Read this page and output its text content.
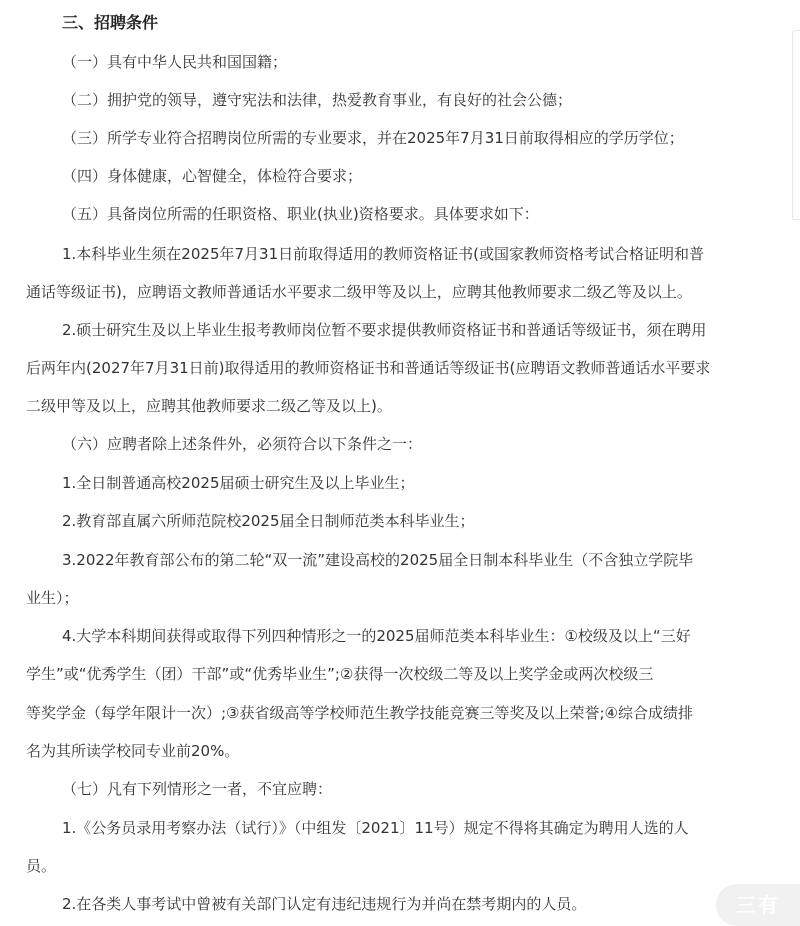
三、招聘条件
（一）具有中华人民共和国国籍；
（二）拥护党的领导，遵守宪法和法律，热爱教育事业，有良好的社会公德；
（三）所学专业符合招聘岗位所需的专业要求，并在2025年7月31日前取得相应的学历学位；
（四）身体健康，心智健全，体检符合要求；
（五）具备岗位所需的任职资格、职业(执业)资格要求。具体要求如下：
1.本科毕业生须在2025年7月31日前取得适用的教师资格证书(或国家教师资格考试合格证明和普
通话等级证书)，应聘语文教师普通话水平要求二级甲等及以上，应聘其他教师要求二级乙等及以上。
2.硕士研究生及以上毕业生报考教师岗位暂不要求提供教师资格证书和普通话等级证书，须在聘用
后两年内(2027年7月31日前)取得适用的教师资格证书和普通话等级证书(应聘语文教师普通话水平要求
二级甲等及以上，应聘其他教师要求二级乙等及以上)。
（六）应聘者除上述条件外，必须符合以下条件之一：
1.全日制普通高校2025届硕士研究生及以上毕业生；
2.教育部直属六所师范院校2025届全日制师范类本科毕业生；
3.2022年教育部公布的第二轮“双一流”建设高校的2025届全日制本科毕业生（不含独立学院毕
业生）；
4.大学本科期间获得或取得下列四种情形之一的2025届师范类本科毕业生：①校级及以上“三好
学生”或“优秀学生（团）干部”或“优秀毕业生”;②获得一次校级二等及以上奖学金或两次校级三
等奖学金（每学年限计一次）;③获省级高等学校师范生教学技能竞赛三等奖及以上荣誉;④综合成绩排
名为其所读学校同专业前20%。
（七）凡有下列情形之一者，不宜应聘：
1.《公务员录用考察办法（试行）》（中组发〔2021〕11号）规定不得将其确定为聘用人选的人
员。
2.在各类人事考试中曾被有关部门认定有违纪违规行为并尚在禁考期内的人员。	三有
